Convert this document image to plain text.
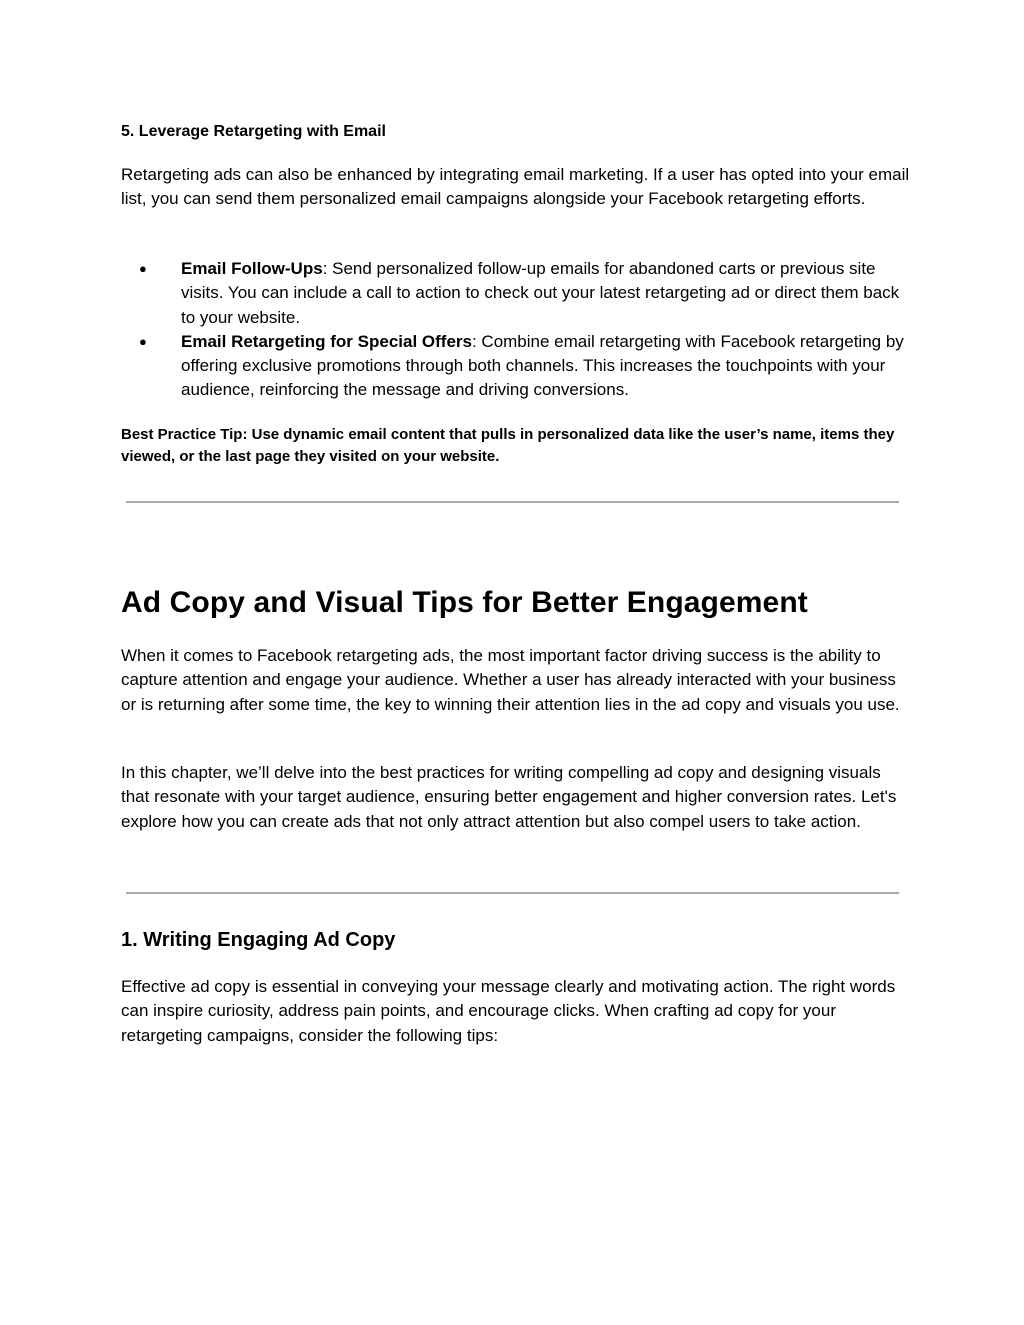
5. Leverage Retargeting with Email

Retargeting ads can also be enhanced by integrating email marketing. If a user has opted into your email list, you can send them personalized email campaigns alongside your Facebook retargeting efforts.

● Email Follow-Ups: Send personalized follow-up emails for abandoned carts or previous site visits. You can include a call to action to check out your latest retargeting ad or direct them back to your website.
● Email Retargeting for Special Offers: Combine email retargeting with Facebook retargeting by offering exclusive promotions through both channels. This increases the touchpoints with your audience, reinforcing the message and driving conversions.

Best Practice Tip: Use dynamic email content that pulls in personalized data like the user’s name, items they viewed, or the last page they visited on your website.

Ad Copy and Visual Tips for Better Engagement

When it comes to Facebook retargeting ads, the most important factor driving success is the ability to capture attention and engage your audience. Whether a user has already interacted with your business or is returning after some time, the key to winning their attention lies in the ad copy and visuals you use.

In this chapter, we’ll delve into the best practices for writing compelling ad copy and designing visuals that resonate with your target audience, ensuring better engagement and higher conversion rates. Let's explore how you can create ads that not only attract attention but also compel users to take action.

1. Writing Engaging Ad Copy

Effective ad copy is essential in conveying your message clearly and motivating action. The right words can inspire curiosity, address pain points, and encourage clicks. When crafting ad copy for your retargeting campaigns, consider the following tips:
